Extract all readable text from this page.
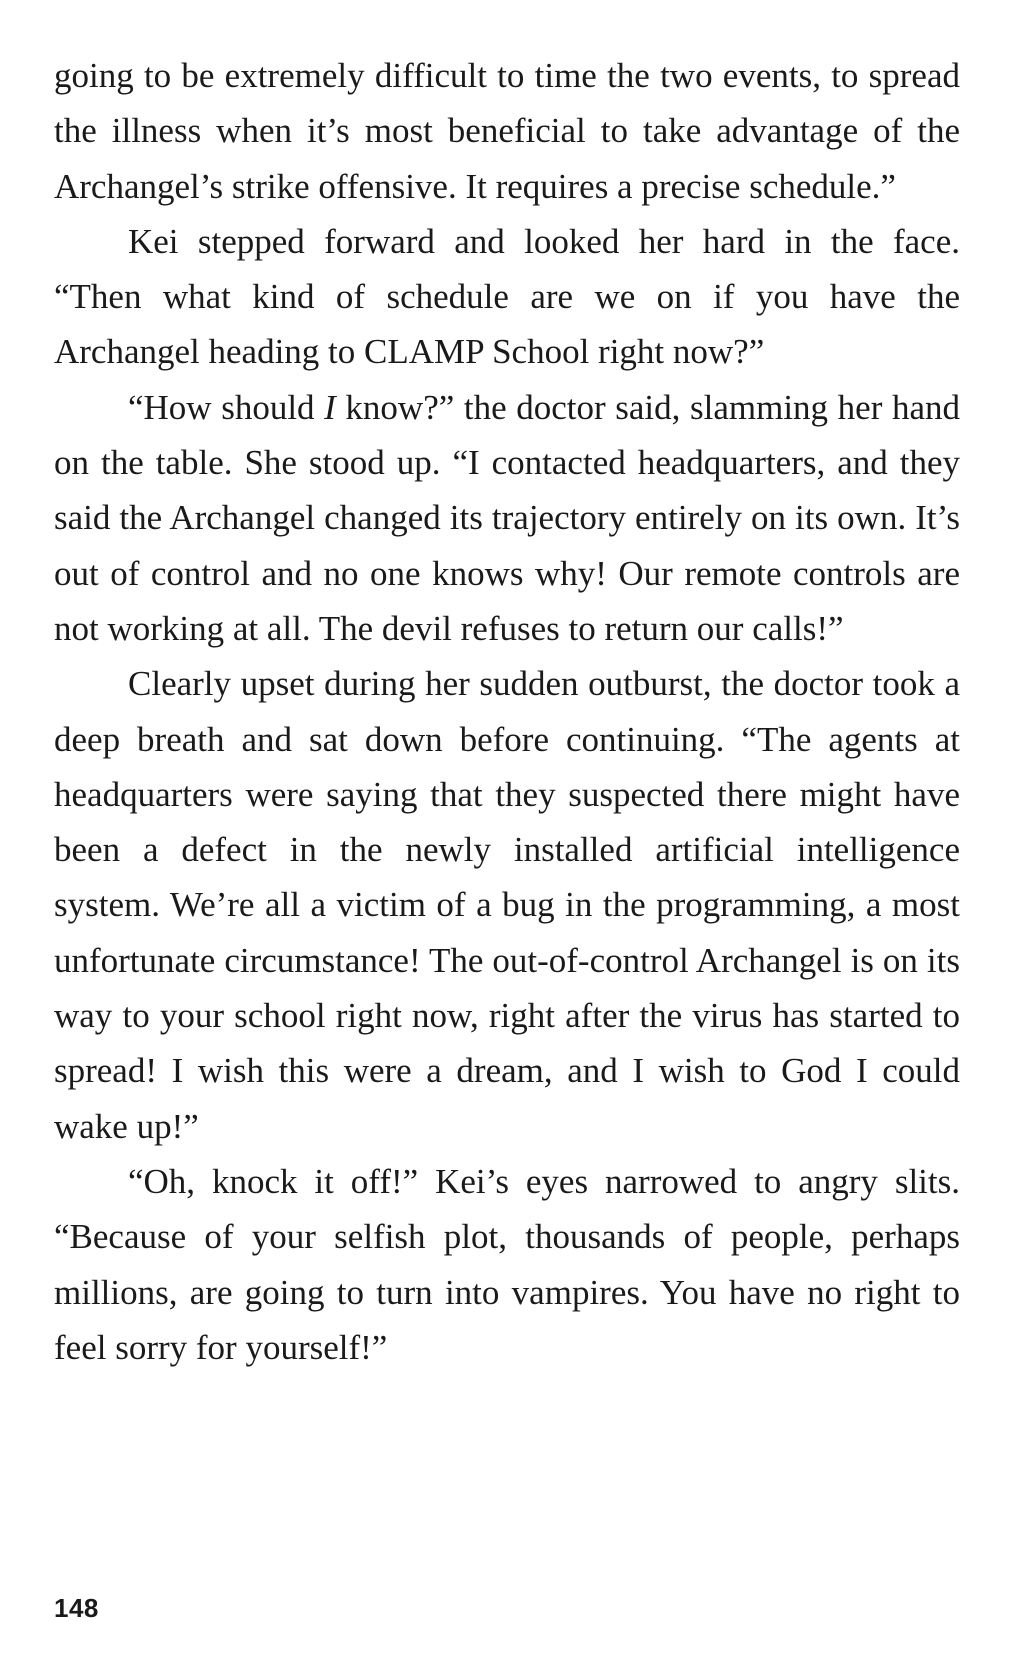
going to be extremely difficult to time the two events, to spread the illness when it’s most beneficial to take advantage of the Archangel’s strike offensive. It requires a precise schedule.”

Kei stepped forward and looked her hard in the face. “Then what kind of schedule are we on if you have the Archangel heading to CLAMP School right now?”

“How should I know?” the doctor said, slamming her hand on the table. She stood up. “I contacted headquarters, and they said the Archangel changed its trajectory entirely on its own. It’s out of control and no one knows why! Our remote controls are not working at all. The devil refuses to return our calls!”

Clearly upset during her sudden outburst, the doctor took a deep breath and sat down before continuing. “The agents at headquarters were saying that they suspected there might have been a defect in the newly installed artificial intelligence system. We’re all a victim of a bug in the programming, a most unfortunate circumstance! The out-of-control Archangel is on its way to your school right now, right after the virus has started to spread! I wish this were a dream, and I wish to God I could wake up!”

“Oh, knock it off!” Kei’s eyes narrowed to angry slits. “Because of your selfish plot, thousands of people, perhaps millions, are going to turn into vampires. You have no right to feel sorry for yourself!”

148
